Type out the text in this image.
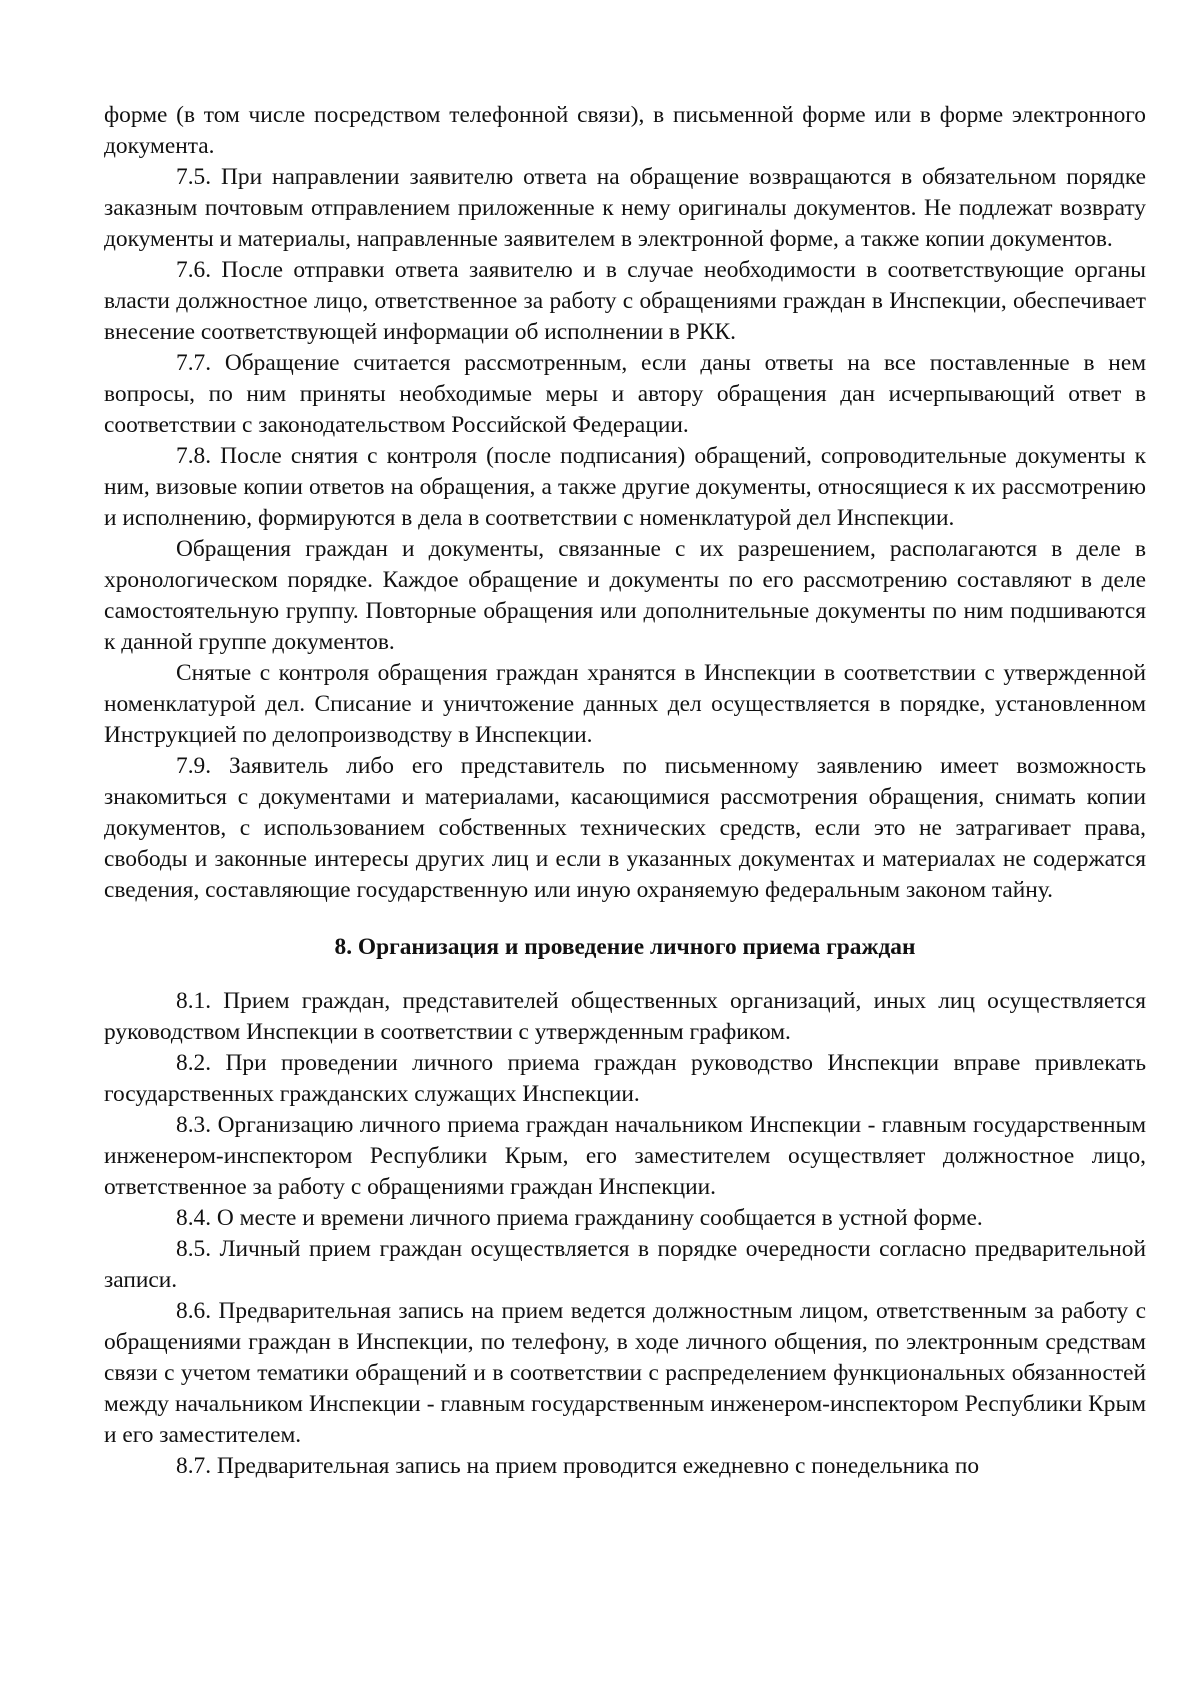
форме (в том числе посредством телефонной связи), в письменной форме или в форме электронного документа.

7.5. При направлении заявителю ответа на обращение возвращаются в обязательном порядке заказным почтовым отправлением приложенные к нему оригиналы документов. Не подлежат возврату документы и материалы, направленные заявителем в электронной форме, а также копии документов.

7.6. После отправки ответа заявителю и в случае необходимости в соответствующие органы власти должностное лицо, ответственное за работу с обращениями граждан в Инспекции, обеспечивает внесение соответствующей информации об исполнении в РКК.

7.7. Обращение считается рассмотренным, если даны ответы на все поставленные в нем вопросы, по ним приняты необходимые меры и автору обращения дан исчерпывающий ответ в соответствии с законодательством Российской Федерации.

7.8. После снятия с контроля (после подписания) обращений, сопроводительные документы к ним, визовые копии ответов на обращения, а также другие документы, относящиеся к их рассмотрению и исполнению, формируются в дела в соответствии с номенклатурой дел Инспекции.

Обращения граждан и документы, связанные с их разрешением, располагаются в деле в хронологическом порядке. Каждое обращение и документы по его рассмотрению составляют в деле самостоятельную группу. Повторные обращения или дополнительные документы по ним подшиваются к данной группе документов.

Снятые с контроля обращения граждан хранятся в Инспекции в соответствии с утвержденной номенклатурой дел. Списание и уничтожение данных дел осуществляется в порядке, установленном Инструкцией по делопроизводству в Инспекции.

7.9. Заявитель либо его представитель по письменному заявлению имеет возможность знакомиться с документами и материалами, касающимися рассмотрения обращения, снимать копии документов, с использованием собственных технических средств, если это не затрагивает права, свободы и законные интересы других лиц и если в указанных документах и материалах не содержатся сведения, составляющие государственную или иную охраняемую федеральным законом тайну.

8. Организация и проведение личного приема граждан

8.1. Прием граждан, представителей общественных организаций, иных лиц осуществляется руководством Инспекции в соответствии с утвержденным графиком.

8.2. При проведении личного приема граждан руководство Инспекции вправе привлекать государственных гражданских служащих Инспекции.

8.3. Организацию личного приема граждан начальником Инспекции - главным государственным инженером-инспектором Республики Крым, его заместителем осуществляет должностное лицо, ответственное за работу с обращениями граждан Инспекции.

8.4. О месте и времени личного приема гражданину сообщается в устной форме.

8.5. Личный прием граждан осуществляется в порядке очередности согласно предварительной записи.

8.6. Предварительная запись на прием ведется должностным лицом, ответственным за работу с обращениями граждан в Инспекции, по телефону, в ходе личного общения, по электронным средствам связи с учетом тематики обращений и в соответствии с распределением функциональных обязанностей между начальником Инспекции - главным государственным инженером-инспектором Республики Крым и его заместителем.

8.7. Предварительная запись на прием проводится ежедневно с понедельника по
